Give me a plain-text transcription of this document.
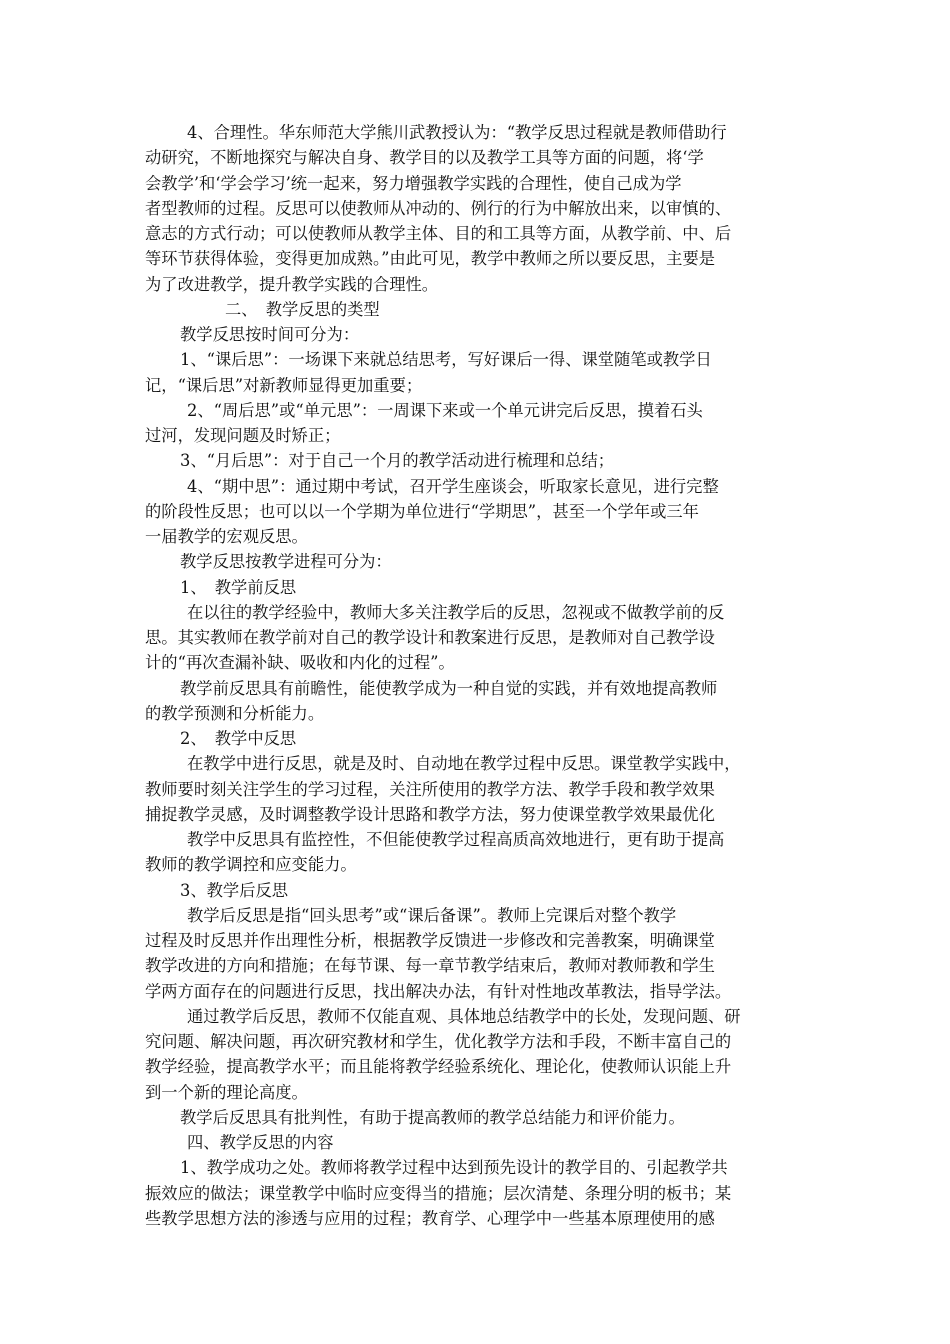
4、合理性。华东师范大学熊川武教授认为：“教学反思过程就是教师借助行
动研究，不断地探究与解决自身、教学目的以及教学工具等方面的问题，将‘学
会教学’和‘学会学习’统一起来，努力增强教学实践的合理性，使自己成为学
者型教师的过程。反思可以使教师从冲动的、例行的行为中解放出来，以审慎的、
意志的方式行动；可以使教师从教学主体、目的和工具等方面，从教学前、中、后
等环节获得体验，变得更加成熟。”由此可见，教学中教师之所以要反思，主要是
为了改进教学，提升教学实践的合理性。
二、　教学反思的类型
教学反思按时间可分为：
1、“课后思”：一场课下来就总结思考，写好课后一得、课堂随笔或教学日
记，“课后思”对新教师显得更加重要；
2、“周后思”或“单元思”：一周课下来或一个单元讲完后反思，摸着石头
过河，发现问题及时矫正；
3、“月后思”：对于自己一个月的教学活动进行梳理和总结；
4、“期中思”：通过期中考试，召开学生座谈会，听取家长意见，进行完整
的阶段性反思；也可以以一个学期为单位进行“学期思”，甚至一个学年或三年
一届教学的宏观反思。
教学反思按教学进程可分为：
1、　教学前反思
在以往的教学经验中，教师大多关注教学后的反思，忽视或不做教学前的反
思。其实教师在教学前对自己的教学设计和教案进行反思，是教师对自己教学设
计的“再次查漏补缺、吸收和内化的过程”。
教学前反思具有前瞻性，能使教学成为一种自觉的实践，并有效地提高教师
的教学预测和分析能力。
2、　教学中反思
在教学中进行反思，就是及时、自动地在教学过程中反思。课堂教学实践中，
教师要时刻关注学生的学习过程，关注所使用的教学方法、教学手段和教学效果
捕捉教学灵感，及时调整教学设计思路和教学方法，努力使课堂教学效果最优化
教学中反思具有监控性，不但能使教学过程高质高效地进行，更有助于提高
教师的教学调控和应变能力。
3、教学后反思
教学后反思是指“回头思考”或“课后备课”。教师上完课后对整个教学
过程及时反思并作出理性分析，根据教学反馈进一步修改和完善教案，明确课堂
教学改进的方向和措施；在每节课、每一章节教学结束后，教师对教师教和学生
学两方面存在的问题进行反思，找出解决办法，有针对性地改革教法，指导学法。
通过教学后反思，教师不仅能直观、具体地总结教学中的长处，发现问题、研
究问题、解决问题，再次研究教材和学生，优化教学方法和手段，不断丰富自己的
教学经验，提高教学水平；而且能将教学经验系统化、理论化，使教师认识能上升
到一个新的理论高度。
教学后反思具有批判性，有助于提高教师的教学总结能力和评价能力。
四、教学反思的内容
1、教学成功之处。教师将教学过程中达到预先设计的教学目的、引起教学共
振效应的做法；课堂教学中临时应变得当的措施；层次清楚、条理分明的板书；某
些教学思想方法的渗透与应用的过程；教育学、心理学中一些基本原理使用的感
